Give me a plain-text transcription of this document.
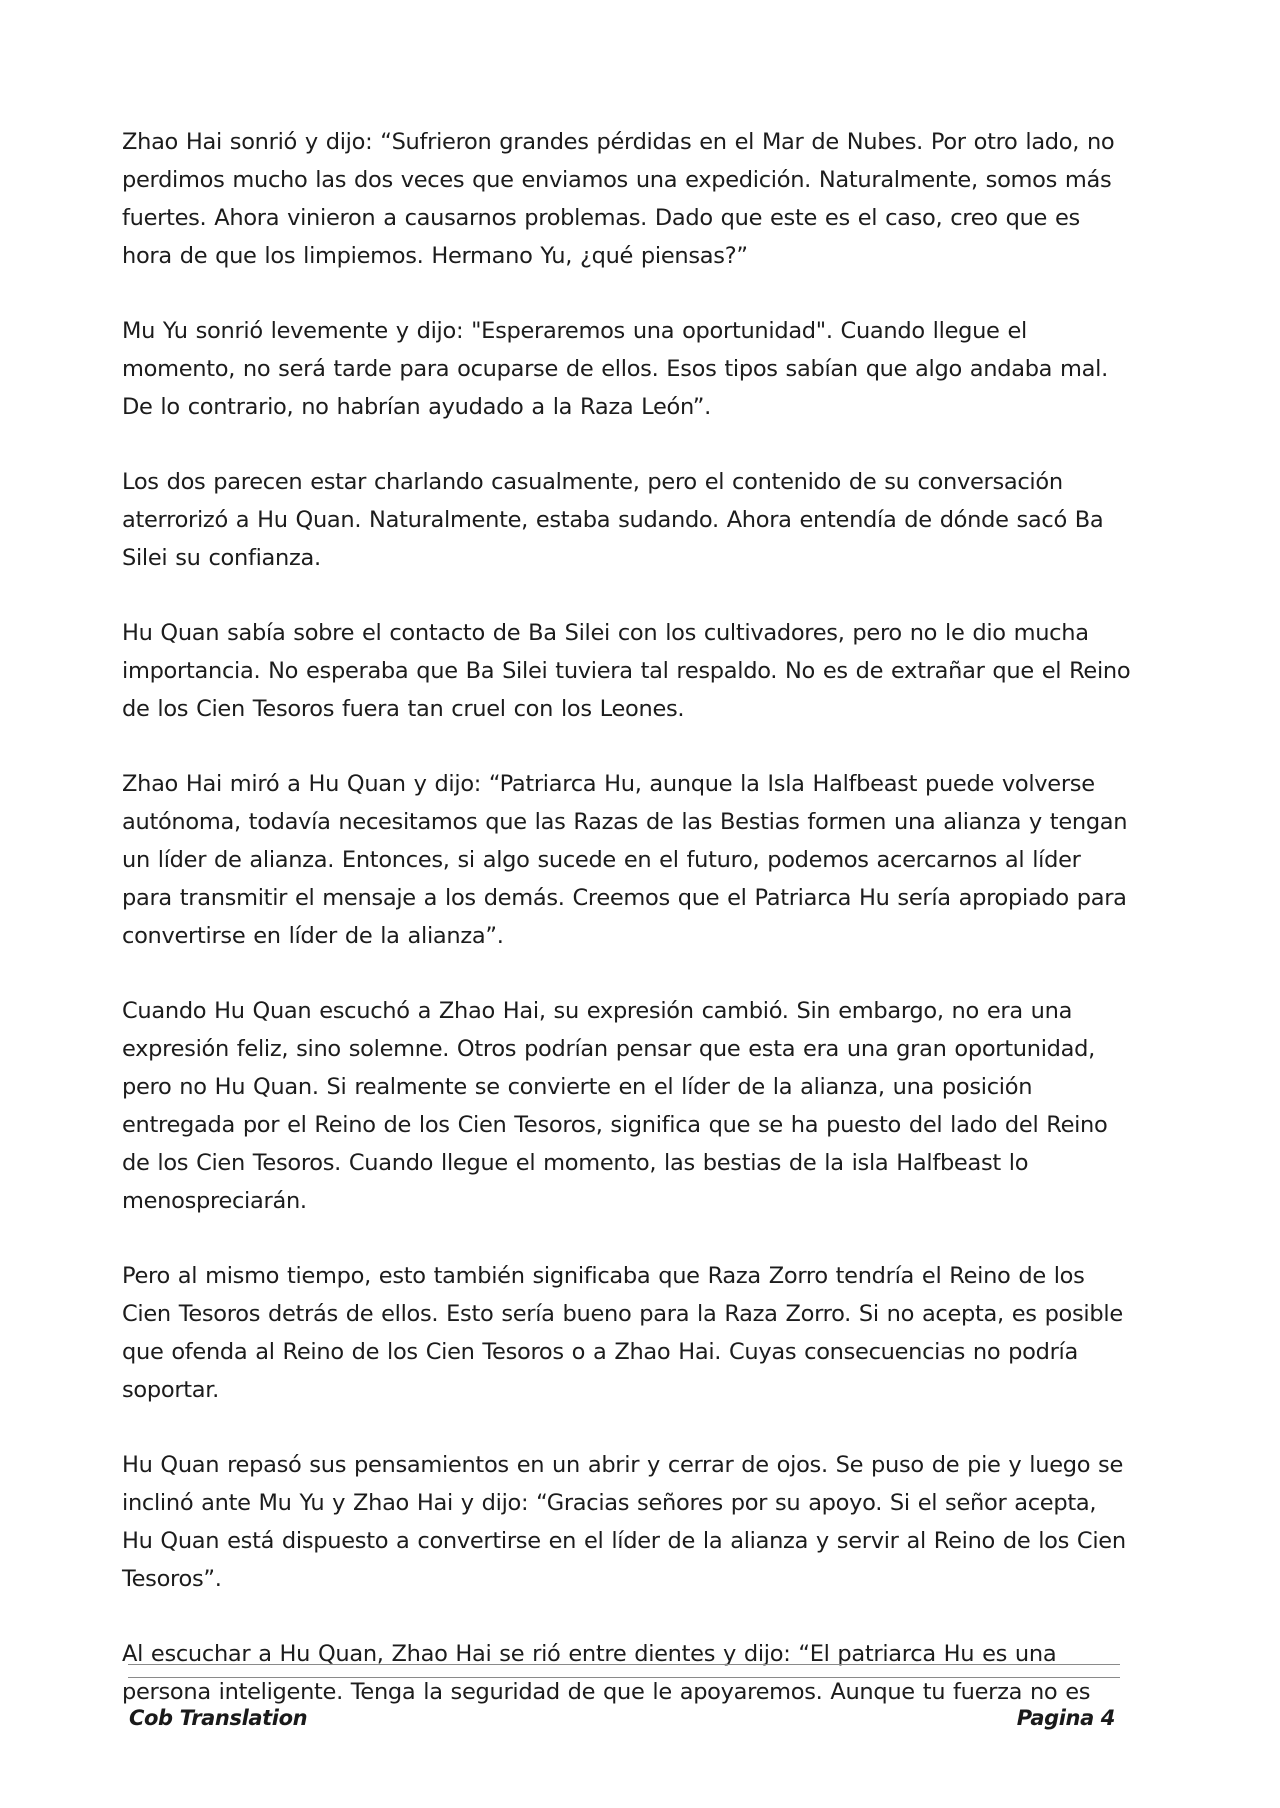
Zhao Hai sonrió y dijo: “Sufrieron grandes pérdidas en el Mar de Nubes. Por otro lado, no perdimos mucho las dos veces que enviamos una expedición. Naturalmente, somos más fuertes. Ahora vinieron a causarnos problemas. Dado que este es el caso, creo que es hora de que los limpiemos. Hermano Yu, ¿qué piensas?”

Mu Yu sonrió levemente y dijo: "Esperaremos una oportunidad". Cuando llegue el momento, no será tarde para ocuparse de ellos. Esos tipos sabían que algo andaba mal. De lo contrario, no habrían ayudado a la Raza León”.

Los dos parecen estar charlando casualmente, pero el contenido de su conversación aterrorizó a Hu Quan. Naturalmente, estaba sudando. Ahora entendía de dónde sacó Ba Silei su confianza.

Hu Quan sabía sobre el contacto de Ba Silei con los cultivadores, pero no le dio mucha importancia. No esperaba que Ba Silei tuviera tal respaldo. No es de extrañar que el Reino de los Cien Tesoros fuera tan cruel con los Leones.

Zhao Hai miró a Hu Quan y dijo: “Patriarca Hu, aunque la Isla Halfbeast puede volverse autónoma, todavía necesitamos que las Razas de las Bestias formen una alianza y tengan un líder de alianza. Entonces, si algo sucede en el futuro, podemos acercarnos al líder para transmitir el mensaje a los demás. Creemos que el Patriarca Hu sería apropiado para convertirse en líder de la alianza”.

Cuando Hu Quan escuchó a Zhao Hai, su expresión cambió. Sin embargo, no era una expresión feliz, sino solemne. Otros podrían pensar que esta era una gran oportunidad, pero no Hu Quan. Si realmente se convierte en el líder de la alianza, una posición entregada por el Reino de los Cien Tesoros, significa que se ha puesto del lado del Reino de los Cien Tesoros. Cuando llegue el momento, las bestias de la isla Halfbeast lo menospreciarán.

Pero al mismo tiempo, esto también significaba que Raza Zorro tendría el Reino de los Cien Tesoros detrás de ellos. Esto sería bueno para la Raza Zorro. Si no acepta, es posible que ofenda al Reino de los Cien Tesoros o a Zhao Hai. Cuyas consecuencias no podría soportar.

Hu Quan repasó sus pensamientos en un abrir y cerrar de ojos. Se puso de pie y luego se inclinó ante Mu Yu y Zhao Hai y dijo: “Gracias señores por su apoyo. Si el señor acepta, Hu Quan está dispuesto a convertirse en el líder de la alianza y servir al Reino de los Cien Tesoros”.

Al escuchar a Hu Quan, Zhao Hai se rió entre dientes y dijo: “El patriarca Hu es una persona inteligente. Tenga la seguridad de que le apoyaremos. Aunque tu fuerza no es

Cob Translation	Pagina 4
